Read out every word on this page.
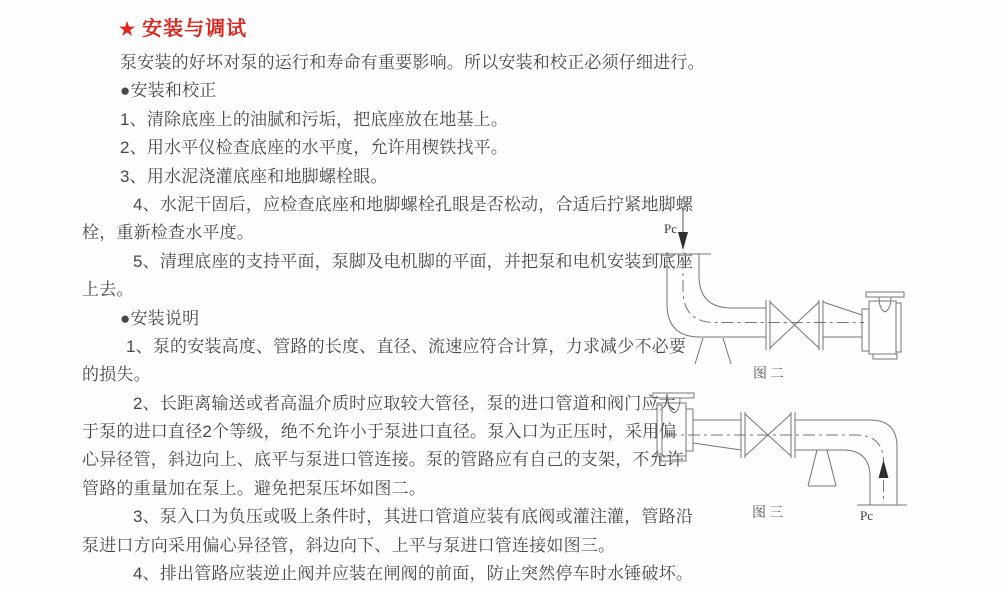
★ 安装与调试
泵安装的好坏对泵的运行和寿命有重要影响。所以安装和校正必须仔细进行。
●安装和校正
1、清除底座上的油腻和污垢，把底座放在地基上。
2、用水平仪检查底座的水平度，允许用楔铁找平。
3、用水泥浇灌底座和地脚螺栓眼。
4、水泥干固后，应检查底座和地脚螺栓孔眼是否松动，合适后拧紧地脚螺
栓，重新检查水平度。
5、清理底座的支持平面，泵脚及电机脚的平面，并把泵和电机安装到底座
上去。
●安装说明
1、泵的安装高度、管路的长度、直径、流速应符合计算，力求减少不必要
的损失。
2、长距离输送或者高温介质时应取较大管径，泵的进口管道和阀门应大
于泵的进口直径2个等级，绝不允许小于泵进口直径。泵入口为正压时，采用偏
心异径管，斜边向上、底平与泵进口管连接。泵的管路应有自己的支架，不允许
管路的重量加在泵上。避免把泵压坏如图二。
3、泵入口为负压或吸上条件时，其进口管道应装有底阀或灌注灌，管路沿
泵进口方向采用偏心异径管，斜边向下、上平与泵进口管连接如图三。
4、排出管路应装逆止阀并应装在闸阀的前面，防止突然停车时水锤破坏。
Pc
图二
Pc
图三
